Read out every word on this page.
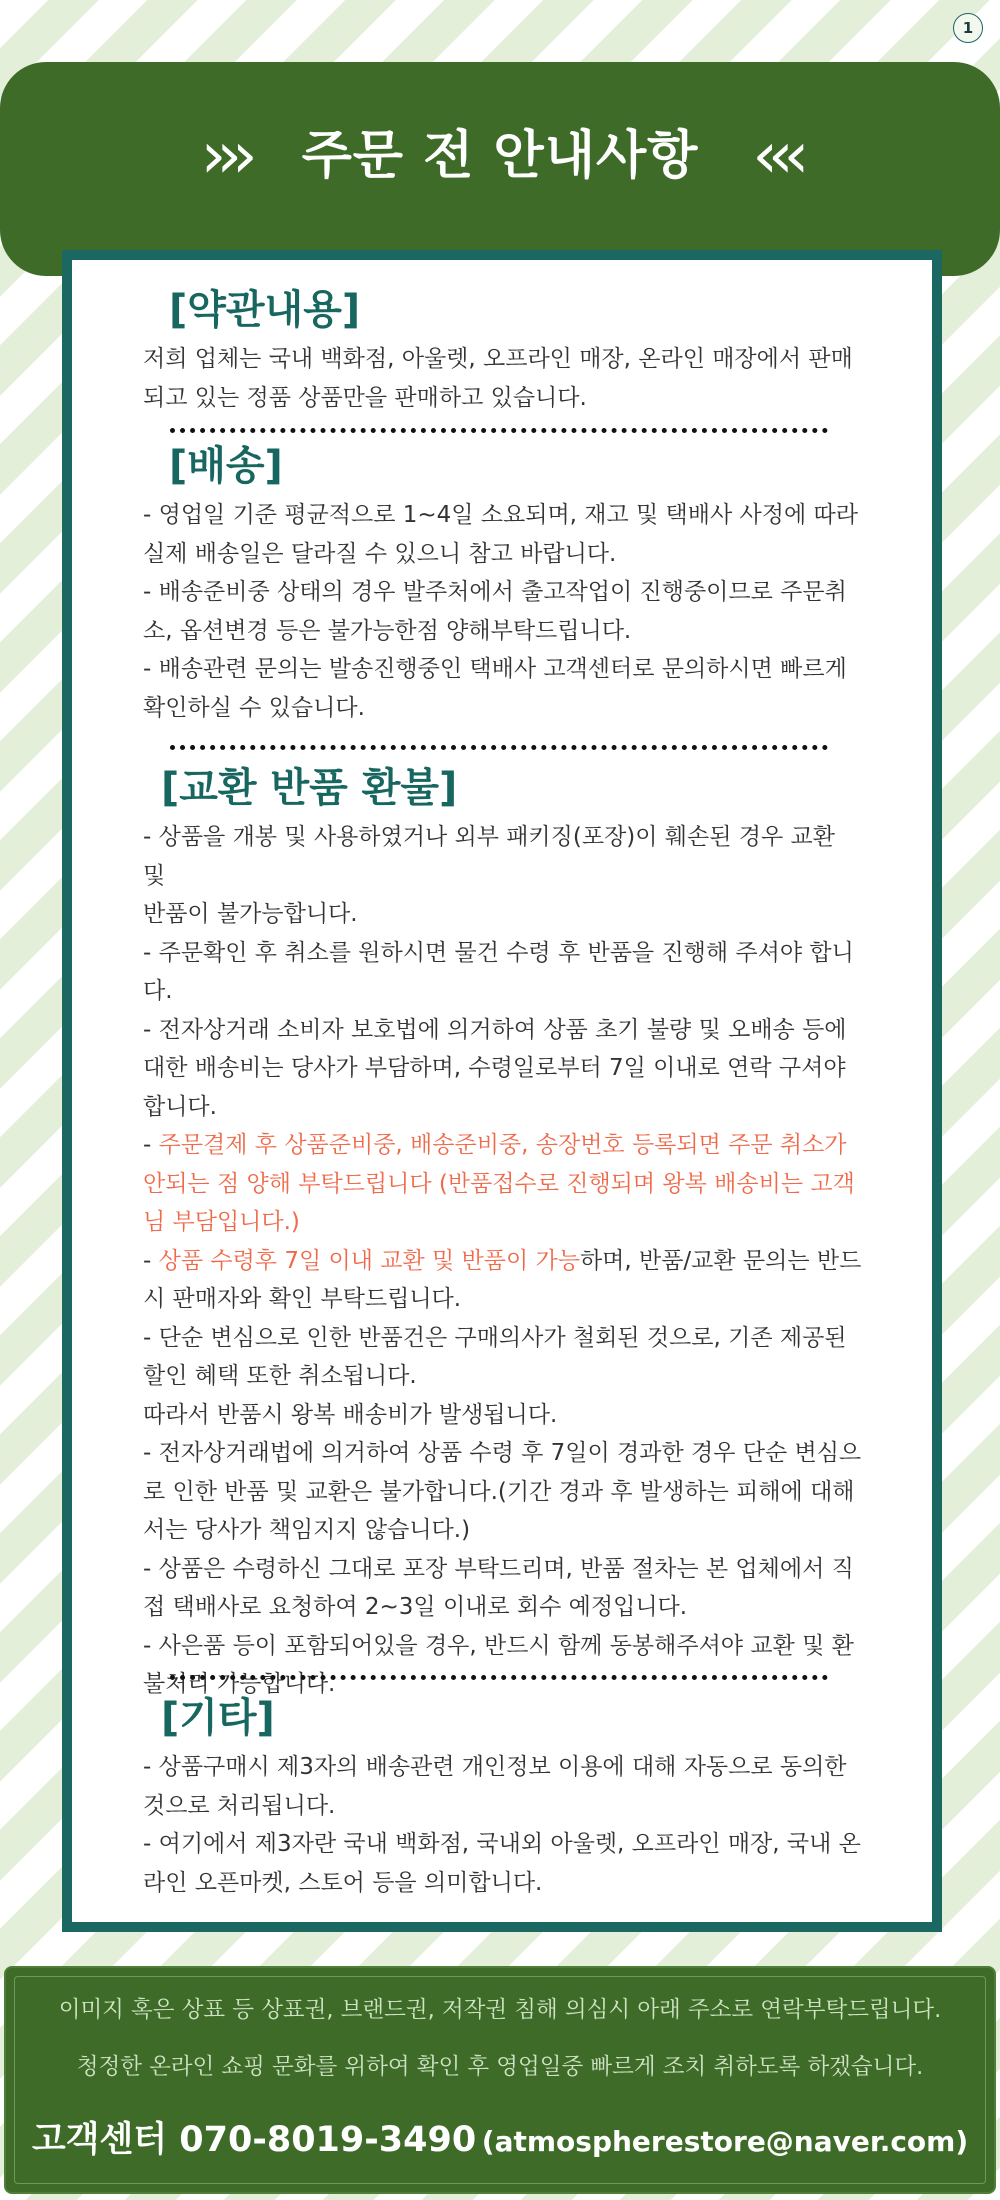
1
››› 주문 전 안내사항 ‹‹‹
[약관내용]

저희 업체는 국내 백화점, 아울렛, 오프라인 매장, 온라인 매장에서 판매

되고 있는 정품 상품만을 판매하고 있습니다.

[배송]

- 영업일 기준 평균적으로 1~4일 소요되며, 재고 및 택배사 사정에 따라

실제 배송일은 달라질 수 있으니 참고 바랍니다.

- 배송준비중 상태의 경우 발주처에서 출고작업이 진행중이므로 주문취

소, 옵션변경 등은 불가능한점 양해부탁드립니다.

- 배송관련 문의는 발송진행중인 택배사 고객센터로 문의하시면 빠르게

확인하실 수 있습니다.

[교환 반품 환불]

- 상품을 개봉 및 사용하였거나 외부 패키징(포장)이 훼손된 경우 교환 및

반품이 불가능합니다.

- 주문확인 후 취소를 원하시면 물건 수령 후 반품을 진행해 주셔야 합니

다.

- 전자상거래 소비자 보호법에 의거하여 상품 초기 불량 및 오배송 등에

대한 배송비는 당사가 부담하며, 수령일로부터 7일 이내로 연락 구셔야

합니다.

- 주문결제 후 상품준비중, 배송준비중, 송장번호 등록되면 주문 취소가

안되는 점 양해 부탁드립니다 (반품접수로 진행되며 왕복 배송비는 고객

님 부담입니다.)

- 상품 수령후 7일 이내 교환 및 반품이 가능하며, 반품/교환 문의는 반드

시 판매자와 확인 부탁드립니다.

- 단순 변심으로 인한 반품건은 구매의사가 철회된 것으로, 기존 제공된

할인 혜택 또한 취소됩니다.

따라서 반품시 왕복 배송비가 발생됩니다.

- 전자상거래법에 의거하여 상품 수령 후 7일이 경과한 경우 단순 변심으

로 인한 반품 및 교환은 불가합니다.(기간 경과 후 발생하는 피해에 대해

서는 당사가 책임지지 않습니다.)

- 상품은 수령하신 그대로 포장 부탁드리며, 반품 절차는 본 업체에서 직

접 택배사로 요청하여 2~3일 이내로 회수 예정입니다.

- 사은품 등이 포함되어있을 경우, 반드시 함께 동봉해주셔야 교환 및 환

불처리 가능합니다.

[기타]

- 상품구매시 제3자의 배송관련 개인정보 이용에 대해 자동으로 동의한

것으로 처리됩니다.

- 여기에서 제3자란 국내 백화점, 국내외 아울렛, 오프라인 매장, 국내 온

라인 오픈마켓, 스토어 등을 의미합니다.

이미지 혹은 상표 등 상표권, 브랜드권, 저작권 침해 의심시 아래 주소로 연락부탁드립니다.
청정한 온라인 쇼핑 문화를 위하여 확인 후 영업일중 빠르게 조치 취하도록 하겠습니다.
고객센터 070-8019-3490 (atmospherestore@naver.com)
